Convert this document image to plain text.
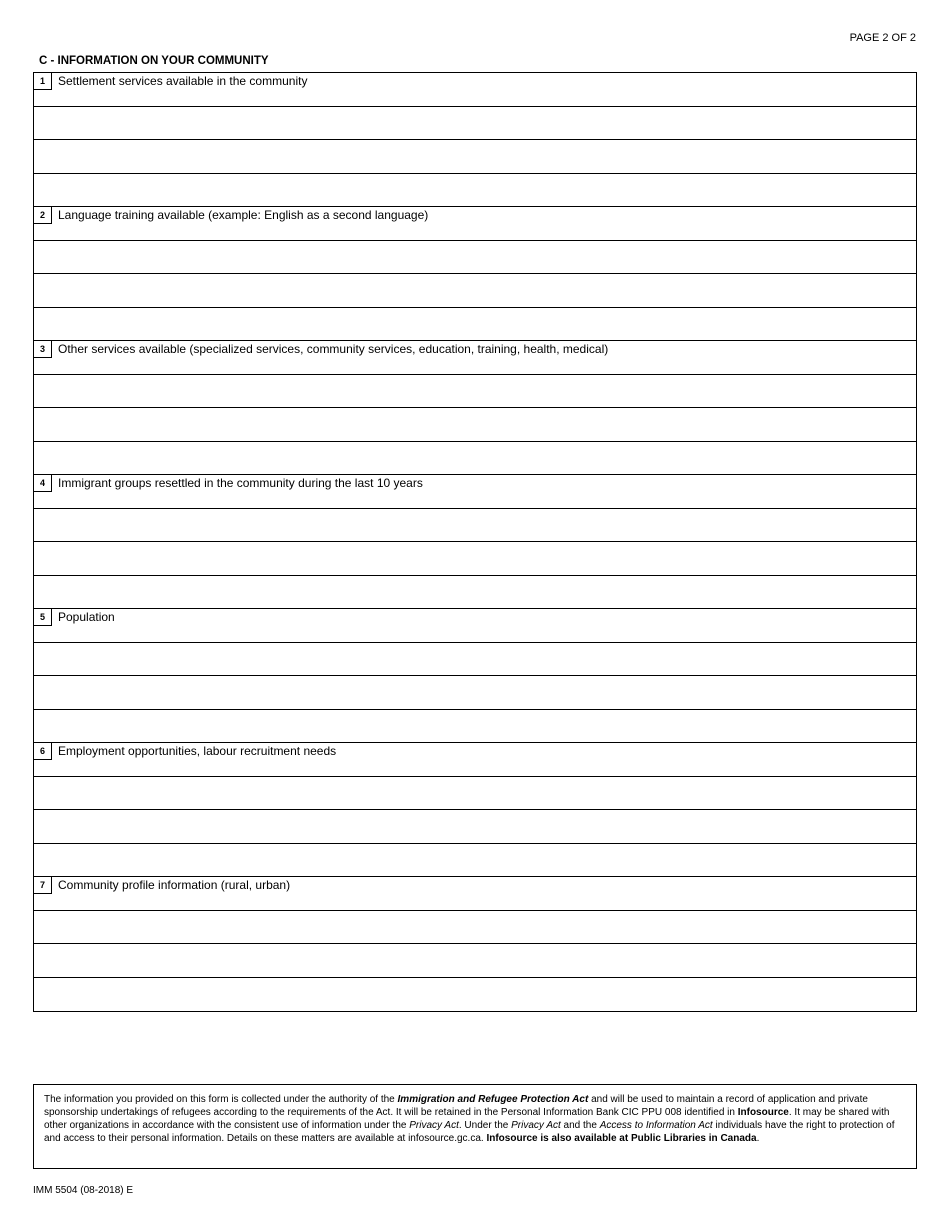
PAGE 2 OF 2
C - INFORMATION ON YOUR COMMUNITY
1	Settlement services available in the community
2	Language training available (example: English as a second language)
3	Other services available (specialized services, community services, education, training, health, medical)
4	Immigrant groups resettled in the community during the last 10 years
5	Population
6	Employment opportunities, labour recruitment needs
7	Community profile information (rural, urban)
The information you provided on this form is collected under the authority of the Immigration and Refugee Protection Act and will be used to maintain a record of application and private sponsorship undertakings of refugees according to the requirements of the Act. It will be retained in the Personal Information Bank CIC PPU 008 identified in Infosource. It may be shared with other organizations in accordance with the consistent use of information under the Privacy Act. Under the Privacy Act and the Access to Information Act individuals have the right to protection of and access to their personal information. Details on these matters are available at infosource.gc.ca. Infosource is also available at Public Libraries in Canada.
IMM 5504 (08-2018) E
